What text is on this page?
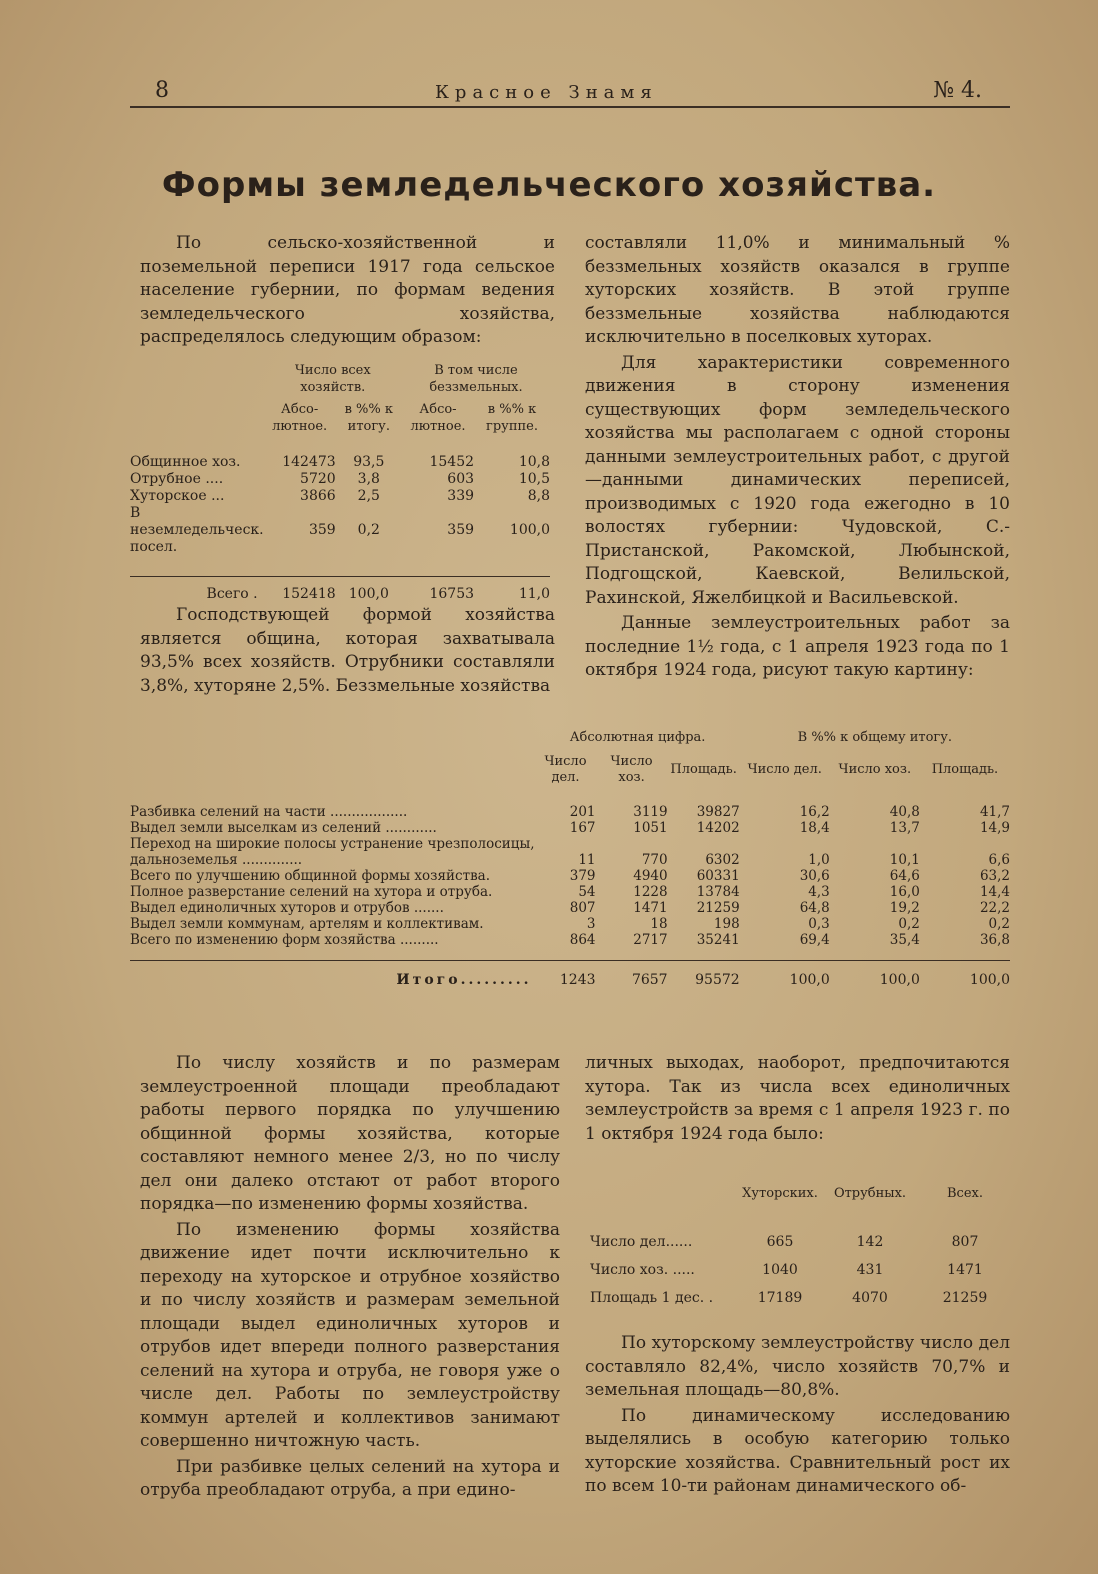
8	Красное Знамя	№ 4.
Формы земледельческого хозяйства.

По сельско-хозяйственной и поземельной переписи 1917 года сельское население губернии, по формам ведения земледельческого хозяйства, распределялось следующим образом:

	Число всех хозяйств.		В том числе беззмельных.	
	Абсо-лютное.	в %% к итогу.	Абсо-лютное.	в %% к группе.

Общинное хоз.	142473	93,5	15452	10,8
Отрубное ....	5720	3,8	603	10,5
Хуторское ...	3866	2,5	339	8,8
В неземледельческ. посел.	359	0,2	359	100,0

Всего .	152418	100,0	16753	11,0

Господствующей формой хозяйства является община, которая захватывала 93,5% всех хозяйств. Отрубники составляли 3,8%, хуторяне 2,5%. Беззмельные хозяйства

составляли 11,0% и минимальный % беззмельных хозяйств оказался в группе хуторских хозяйств. В этой группе беззмельные хозяйства наблюдаются исключительно в поселковых хуторах.

Для характеристики современного движения в сторону изменения существующих форм земледельческого хозяйства мы располагаем с одной стороны данными землеустроительных работ, с другой—данными динамических переписей, производимых с 1920 года ежегодно в 10 волостях губернии: Чудовской, С.-Пристанской, Ракомской, Любынской, Подгощской, Каевской, Велильской, Рахинской, Яжелбицкой и Васильевской.

Данные землеустроительных работ за последние 1½ года, с 1 апреля 1923 года по 1 октября 1924 года, рисуют такую картину:

	Абсолютная цифра.			В %% к общему итогу.		
	Число дел.	Число хоз.	Площадь.	Число дел.	Число хоз.	Площадь.

Разбивка селений на части ..................	201	3119	39827	16,2	40,8	41,7
Выдел земли выселкам из селений ............	167	1051	14202	18,4	13,7	14,9
Переход на широкие полосы устранение чрезполосицы, дальноземелья ..............	11	770	6302	1,0	10,1	6,6
Всего по улучшению общинной формы хозяйства.	379	4940	60331	30,6	64,6	63,2
Полное разверстание селений на хутора и отруба.	54	1228	13784	4,3	16,0	14,4
Выдел единоличных хуторов и отрубов .......	807	1471	21259	64,8	19,2	22,2
Выдел земли коммунам, артелям и коллективам.	3	18	198	0,3	0,2	0,2
Всего по изменению форм хозяйства .........	864	2717	35241	69,4	35,4	36,8

Итого.........	1243	7657	95572	100,0	100,0	100,0

По числу хозяйств и по размерам землеустроенной площади преобладают работы первого порядка по улучшению общинной формы хозяйства, которые составляют немного менее 2/3, но по числу дел они далеко отстают от работ второго порядка—по изменению формы хозяйства.

По изменению формы хозяйства движение идет почти исключительно к переходу на хуторское и отрубное хозяйство и по числу хозяйств и размерам земельной площади выдел единоличных хуторов и отрубов идет впереди полного разверстания селений на хутора и отруба, не говоря уже о числе дел. Работы по землеустройству коммун артелей и коллективов занимают совершенно ничтожную часть.

При разбивке целых селений на хутора и отруба преобладают отруба, а при едино-

личных выходах, наоборот, предпочитаются хутора. Так из числа всех единоличных землеустройств за время с 1 апреля 1923 г. по 1 октября 1924 года было:

	Хуторских.	Отрубных.	Всех.

Число дел......	665	142	807
Число хоз. .....	1040	431	1471
Площадь 1 дес. .	17189	4070	21259

По хуторскому землеустройству число дел составляло 82,4%, число хозяйств 70,7% и земельная площадь—80,8%.

По динамическому исследованию выделялись в особую категорию только хуторские хозяйства. Сравнительный рост их по всем 10-ти районам динамического об-
